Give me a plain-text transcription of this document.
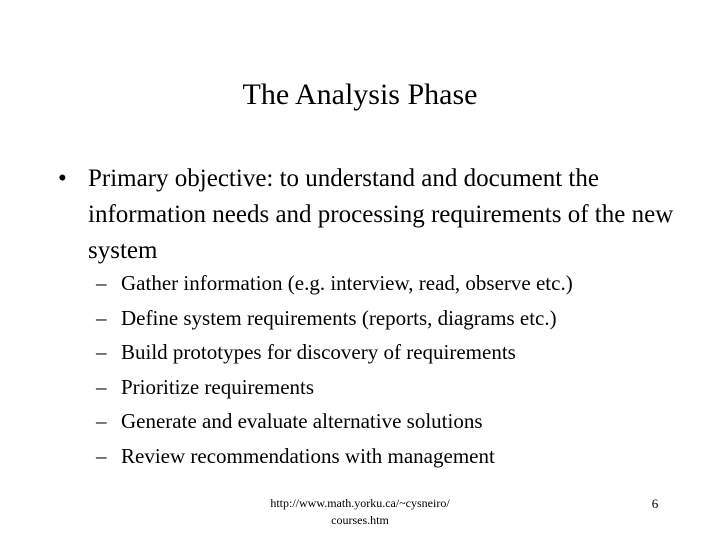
The Analysis Phase
• Primary objective: to understand and document the information needs and processing requirements of the new system
– Gather information (e.g. interview, read, observe etc.)
– Define system requirements (reports, diagrams etc.)
– Build prototypes for discovery of requirements
– Prioritize requirements
– Generate and evaluate alternative solutions
– Review recommendations with management
http://www.math.yorku.ca/~cysneiro/
courses.htm
6
